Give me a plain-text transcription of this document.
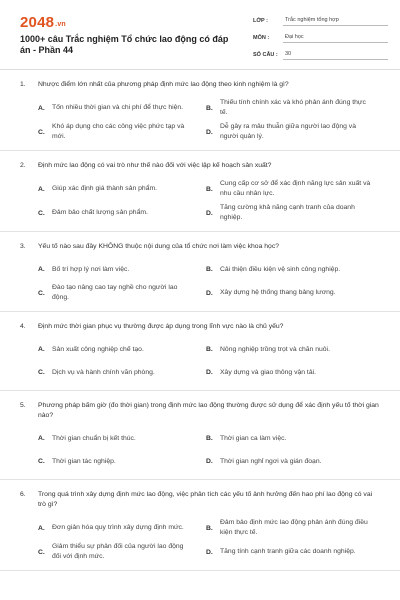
2048.vn
1000+ câu Trắc nghiệm Tổ chức lao động có đáp án - Phần 44
LỚP :	Trắc nghiệm tổng hợp
MÔN :	Đại học
SỐ CÂU :	30
1.	Nhược điểm lớn nhất của phương pháp định mức lao động theo kinh nghiệm là gì?
A.	Tốn nhiều thời gian và chi phí để thực hiện.	B.
Thiếu tính chính xác và khó phản ánh đúng thực tế.
C.
Khó áp dụng cho các công việc phức tạp và mới.
D.
Dễ gây ra mâu thuẫn giữa người lao động và người quản lý.
2.	Định mức lao động có vai trò như thế nào đối với việc lập kế hoạch sản xuất?
A.	Giúp xác định giá thành sản phẩm.	B.
Cung cấp cơ sở để xác định năng lực sản xuất và nhu cầu nhân lực.
C.	Đảm bảo chất lượng sản phẩm.	D.
Tăng cường khả năng cạnh tranh của doanh nghiệp.
3.	Yếu tố nào sau đây KHÔNG thuộc nội dung của tổ chức nơi làm việc khoa học?
A.	Bố trí hợp lý nơi làm việc.	B.	Cải thiện điều kiện vệ sinh công nghiệp.
C.
Đào tạo nâng cao tay nghề cho người lao động.
D.	Xây dựng hệ thống thang bảng lương.
4.	Định mức thời gian phục vụ thường được áp dụng trong lĩnh vực nào là chủ yếu?
A.	Sản xuất công nghiệp chế tạo.	B.	Nông nghiệp trồng trọt và chăn nuôi.
C.	Dịch vụ và hành chính văn phòng.	D.	Xây dựng và giao thông vận tải.
5.	Phương pháp bấm giờ (đo thời gian) trong định mức lao động thường được sử dụng để xác định yếu tố thời gian nào?
A.	Thời gian chuẩn bị kết thúc.	B.	Thời gian ca làm việc.
C.	Thời gian tác nghiệp.	D.	Thời gian nghỉ ngơi và gián đoạn.
6.	Trong quá trình xây dựng định mức lao động, việc phân tích các yếu tố ảnh hưởng đến hao phí lao động có vai trò gì?
A.	Đơn giản hóa quy trình xây dựng định mức.	B.
Đảm bảo định mức lao động phản ánh đúng điều kiện thực tế.
C.
Giảm thiểu sự phản đối của người lao động đối với định mức.
D.	Tăng tính cạnh tranh giữa các doanh nghiệp.
